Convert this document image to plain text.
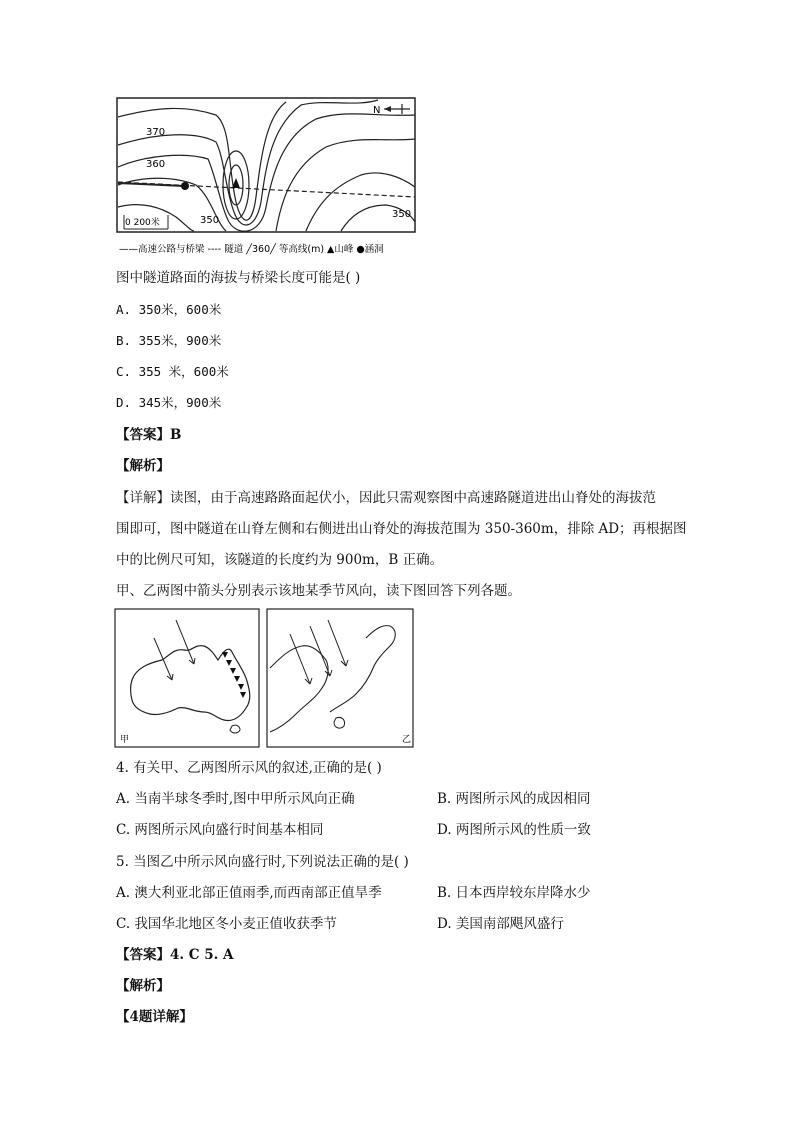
N
370
360
350
350
0 200米
——高速公路与桥梁 ---- 隧道 ╱360╱ 等高线(m) ▲山峰 ●涵洞
图中隧道路面的海拔与桥梁长度可能是( )
A. 350米，600米
B. 355米，900米
C. 355 米，600米
D. 345米，900米
【答案】B
【解析】
【详解】读图，由于高速路路面起伏小，因此只需观察图中高速路隧道进出山脊处的海拔范
围即可，图中隧道在山脊左侧和右侧进出山脊处的海拔范围为 350-360m，排除 AD；再根据图
中的比例尺可知，该隧道的长度约为 900m，B 正确。
甲、乙两图中箭头分别表示该地某季节风向，读下图回答下列各题。
甲	乙
4. 有关甲、乙两图所示风的叙述,正确的是( )
A. 当南半球冬季时,图中甲所示风向正确	B. 两图所示风的成因相同
C. 两图所示风向盛行时间基本相同	D. 两图所示风的性质一致
5. 当图乙中所示风向盛行时,下列说法正确的是( )
A. 澳大利亚北部正值雨季,而西南部正值旱季	B. 日本西岸较东岸降水少
C. 我国华北地区冬小麦正值收获季节	D. 美国南部飓风盛行
【答案】4. C 5. A
【解析】
【4题详解】
